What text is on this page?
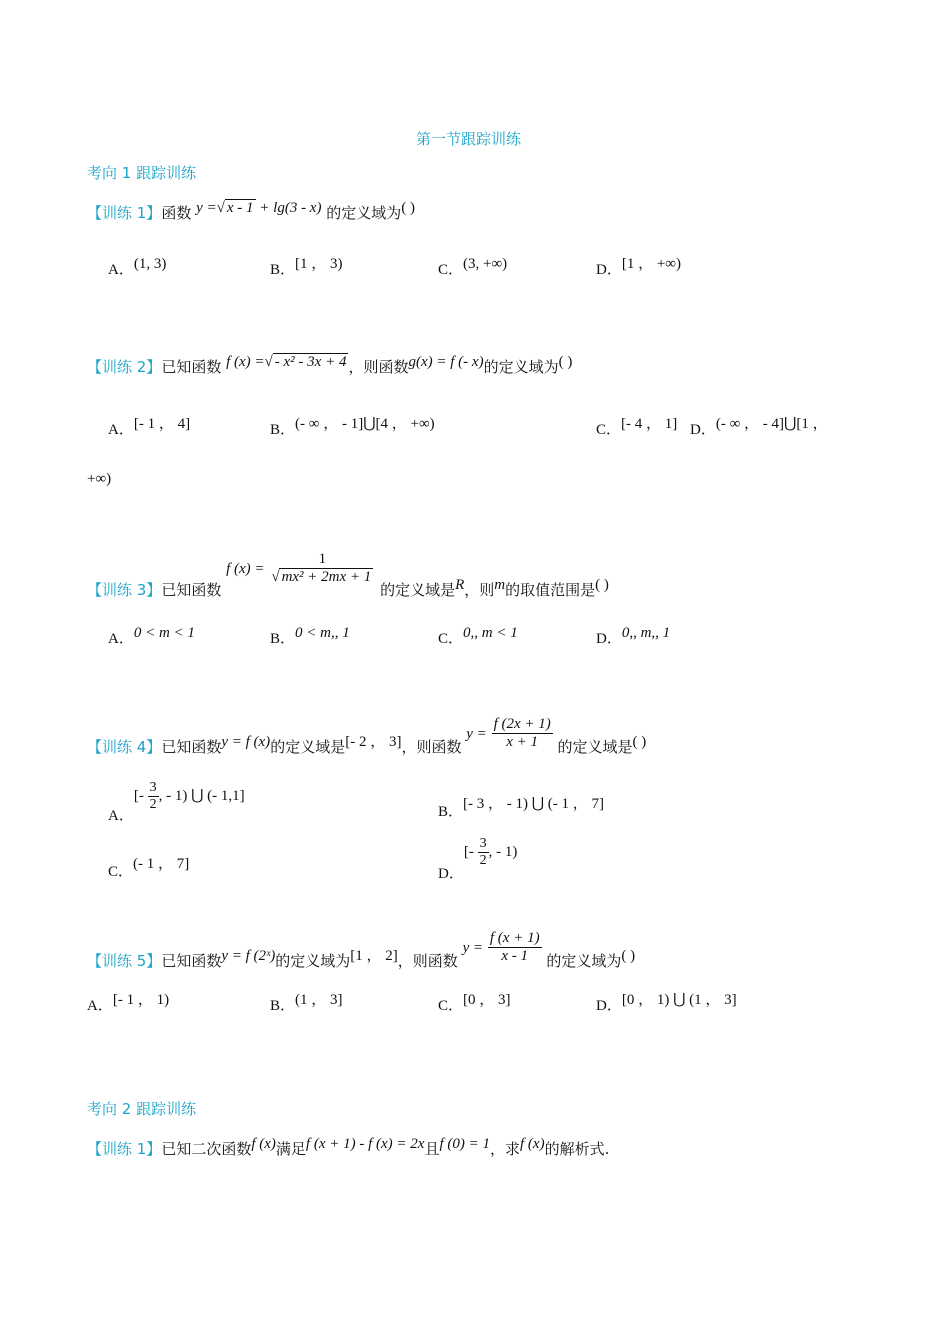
第一节跟踪训练
考向 1 跟踪训练
【训练 1】函数 y =√ x - 1 + lg(3 - x) 的定义域为( )
A．(1, 3)	B．[1 ， 3)	C．(3, +∞)	D．[1 ， +∞)
【训练 2】已知函数 f (x) =√ - x² - 3x + 4 ，则函数g(x) = f (- x)的定义域为( )
A．[- 1 ， 4]	B．(- ∞ ， - 1]⋃[4 ， +∞)	C．[- 4 ， 1] D．(- ∞ ， - 4]⋃[1 ，
+∞)
【训练 3】已知函数 f $(x) = \frac{1}{\text{√ mx² + 2mx + 1}}$
的定义域是R，则m的取值范围是( )
A．0 < m < 1	B．0 < m,, 1	C．0,, m < 1	D．0,, m,, 1
【训练 4】已知函数y = f (x)的定义域是[- 2 ， 3]，则函数 $y = \frac{f (2x + 1)}{x + 1}$ 的定义域是( )
A．[- $\frac{3}{2}$ , - 1) ⋃ (- 1,1]
B．[- 3 ， - 1) ⋃ (- 1 ， 7]
C．(- 1 ， 7]
D．[- $\frac{3}{2}$ , - 1)
【训练 5】已知函数y = f (2ˣ)的定义域为[1 ， 2]，则函数 $y = \frac{f (x + 1)}{x - 1}$ 的定义域为( )
A．[- 1 ， 1)	B．(1 ， 3]	C．[0 ， 3]	D．[0 ， 1) ⋃ (1 ， 3]
考向 2 跟踪训练
【训练 1】已知二次函数f (x)满足f (x + 1) - f (x) = 2x且f (0) = 1，求f (x)的解析式.
